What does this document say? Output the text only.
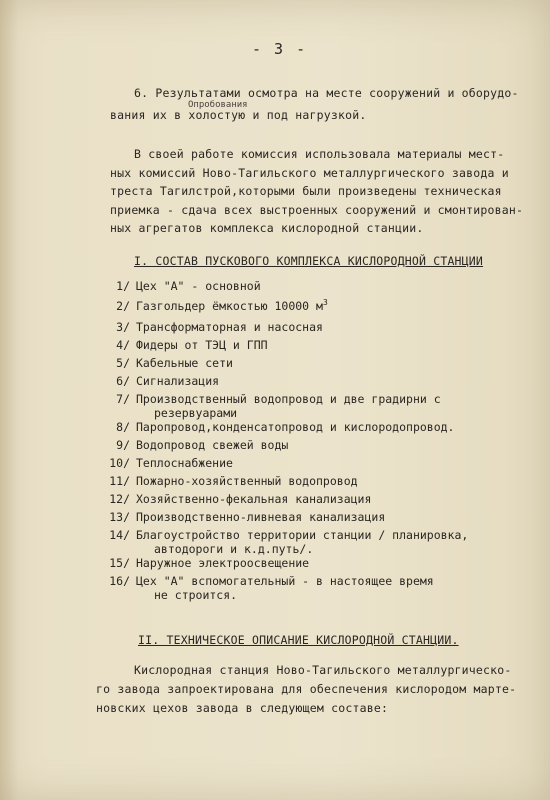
- 3 -
6. Результатами осмотра на месте сооружений и оборудо-
Опробования
вания их в холостую и под нагрузкой.
В своей работе комиссия использовала материалы мест-
ных комиссий Ново-Тагильского металлургического завода и
треста Тагилстрой,которыми были произведены техническая
приемка - сдача всех выстроенных сооружений и смонтирован-
ных агрегатов комплекса кислородной станции.
I. СОСТАВ ПУСКОВОГО КОМПЛЕКСА КИСЛОРОДНОЙ СТАНЦИИ
1/ Цех "А" - основной
2/ Газгольдер ёмкостью 10000 $м^3$
3/ Трансформаторная и насосная
4/ Фидеры от ТЭЦ и ГПП
5/ Кабельные сети
6/ Сигнализация
7/ Производственный водопровод и две градирни с
резервуарами
8/ Паропровод,конденсатопровод и кислородопровод.
9/ Водопровод свежей воды
10/ Теплоснабжение
11/ Пожарно-хозяйственный водопровод
12/ Хозяйственно-фекальная канализация
13/ Производственно-ливневая канализация
14/ Благоустройство территории станции / планировка,
автодороги и к.д.путь/.
15/ Наружное электроосвещение
16/ Цех "А" вспомогательный - в настоящее время
не строится.
II. ТЕХНИЧЕСКОЕ ОПИСАНИЕ КИСЛОРОДНОЙ СТАНЦИИ.
Кислородная станция Ново-Тагильского металлургическо-
го завода запроектирована для обеспечения кислородом марте-
новских цехов завода в следующем составе:
